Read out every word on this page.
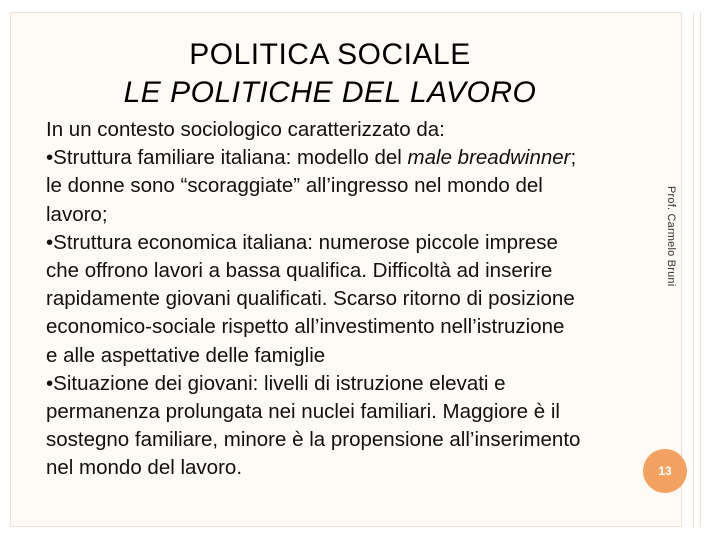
POLITICA SOCIALE
LE POLITICHE DEL LAVORO
In un contesto sociologico caratterizzato da:
•Struttura familiare italiana: modello del male breadwinner;
le donne sono “scoraggiate” all’ingresso nel mondo del
lavoro;
•Struttura economica italiana: numerose piccole imprese
che offrono lavori a bassa qualifica. Difficoltà ad inserire
rapidamente giovani qualificati. Scarso ritorno di posizione
economico-sociale rispetto all’investimento nell’istruzione
e alle aspettative delle famiglie
•Situazione dei giovani: livelli di istruzione elevati e
permanenza prolungata nei nuclei familiari. Maggiore è il
sostegno familiare, minore è la propensione all’inserimento
nel mondo del lavoro.
Prof. Carmelo Bruni
13
